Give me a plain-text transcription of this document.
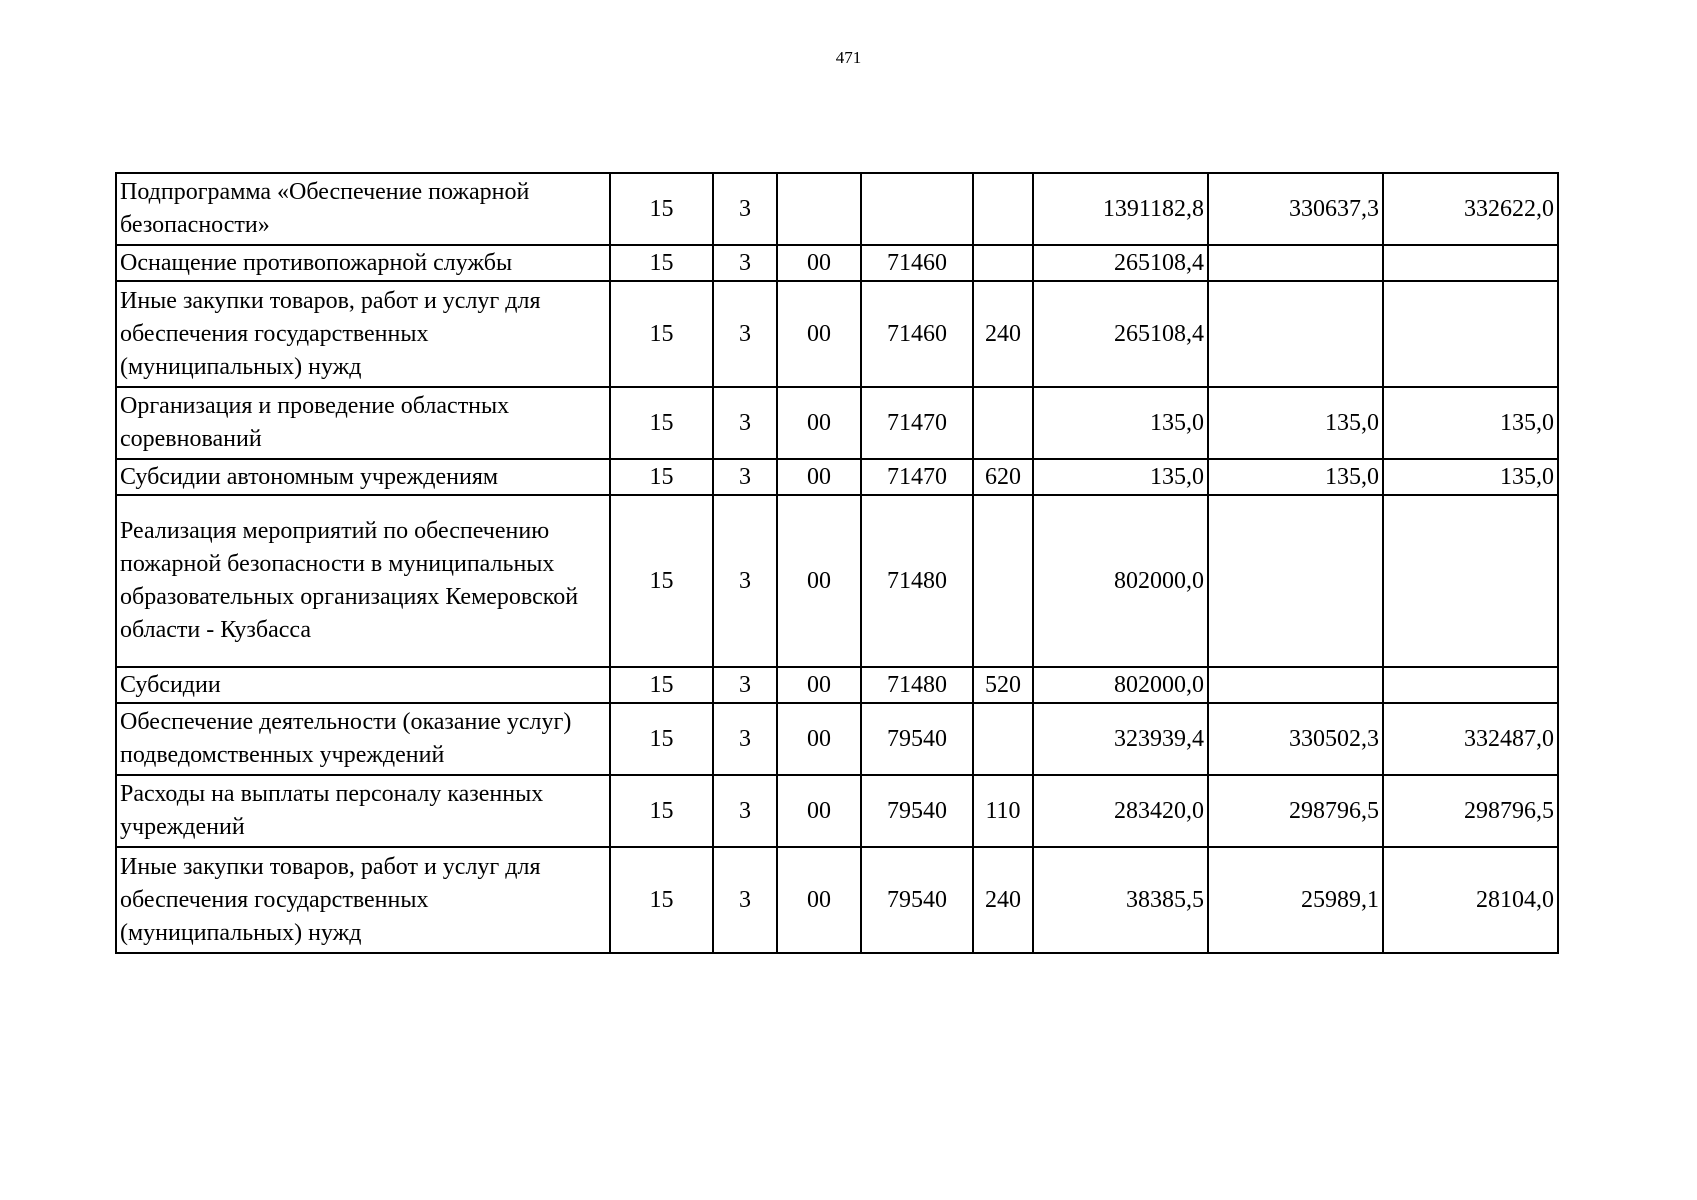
471
Подпрограмма «Обеспечение пожарной безопасности»	15	3				1391182,8	330637,3	332622,0
Оснащение противопожарной службы	15	3	00	71460		265108,4		
Иные закупки товаров, работ и услуг для обеспечения государственных (муниципальных) нужд	15	3	00	71460	240	265108,4		
Организация и проведение областных соревнований	15	3	00	71470		135,0	135,0	135,0
Субсидии автономным учреждениям	15	3	00	71470	620	135,0	135,0	135,0
Реализация мероприятий по обеспечению пожарной безопасности в муниципальных образовательных организациях Кемеровской области - Кузбасса	15	3	00	71480		802000,0		
Субсидии	15	3	00	71480	520	802000,0		
Обеспечение деятельности (оказание услуг) подведомственных учреждений	15	3	00	79540		323939,4	330502,3	332487,0
Расходы на выплаты персоналу казенных учреждений	15	3	00	79540	110	283420,0	298796,5	298796,5
Иные закупки товаров, работ и услуг для обеспечения государственных (муниципальных) нужд	15	3	00	79540	240	38385,5	25989,1	28104,0
